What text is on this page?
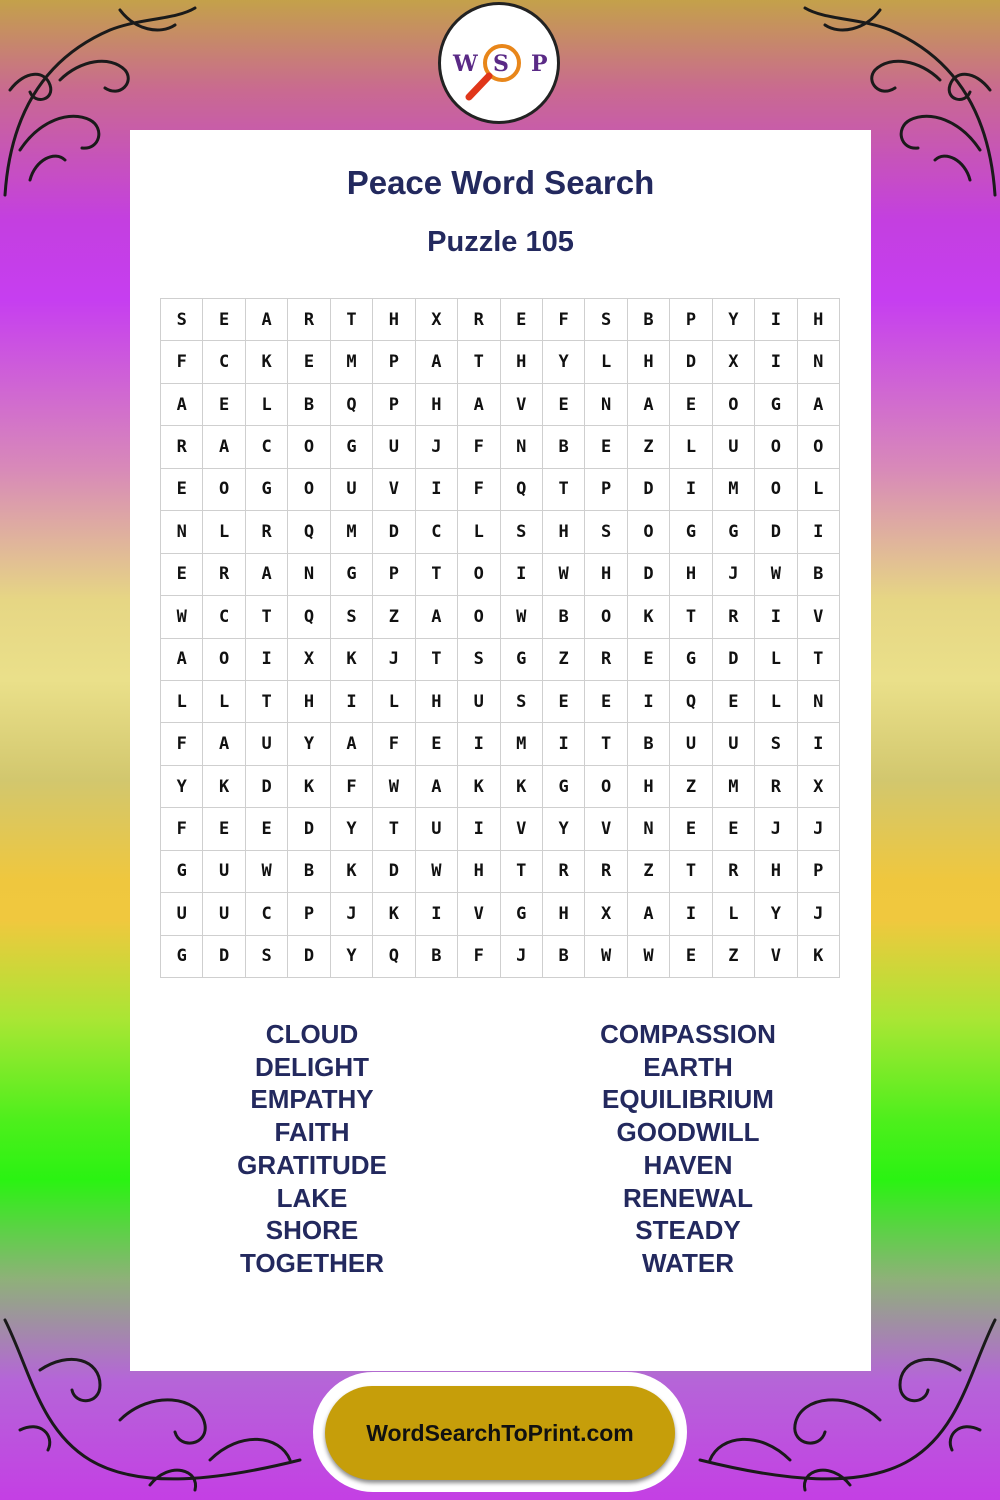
W S P
Peace Word Search
Puzzle 105
S	E	A	R	T	H	X	R	E	F	S	B	P	Y	I	H
F	C	K	E	M	P	A	T	H	Y	L	H	D	X	I	N
A	E	L	B	Q	P	H	A	V	E	N	A	E	O	G	A
R	A	C	O	G	U	J	F	N	B	E	Z	L	U	O	O
E	O	G	O	U	V	I	F	Q	T	P	D	I	M	O	L
N	L	R	Q	M	D	C	L	S	H	S	O	G	G	D	I
E	R	A	N	G	P	T	O	I	W	H	D	H	J	W	B
W	C	T	Q	S	Z	A	O	W	B	O	K	T	R	I	V
A	O	I	X	K	J	T	S	G	Z	R	E	G	D	L	T
L	L	T	H	I	L	H	U	S	E	E	I	Q	E	L	N
F	A	U	Y	A	F	E	I	M	I	T	B	U	U	S	I
Y	K	D	K	F	W	A	K	K	G	O	H	Z	M	R	X
F	E	E	D	Y	T	U	I	V	Y	V	N	E	E	J	J
G	U	W	B	K	D	W	H	T	R	R	Z	T	R	H	P
U	U	C	P	J	K	I	V	G	H	X	A	I	L	Y	J
G	D	S	D	Y	Q	B	F	J	B	W	W	E	Z	V	K
CLOUD
DELIGHT
EMPATHY
FAITH
GRATITUDE
LAKE
SHORE
TOGETHER
COMPASSION
EARTH
EQUILIBRIUM
GOODWILL
HAVEN
RENEWAL
STEADY
WATER
WordSearchToPrint.com
